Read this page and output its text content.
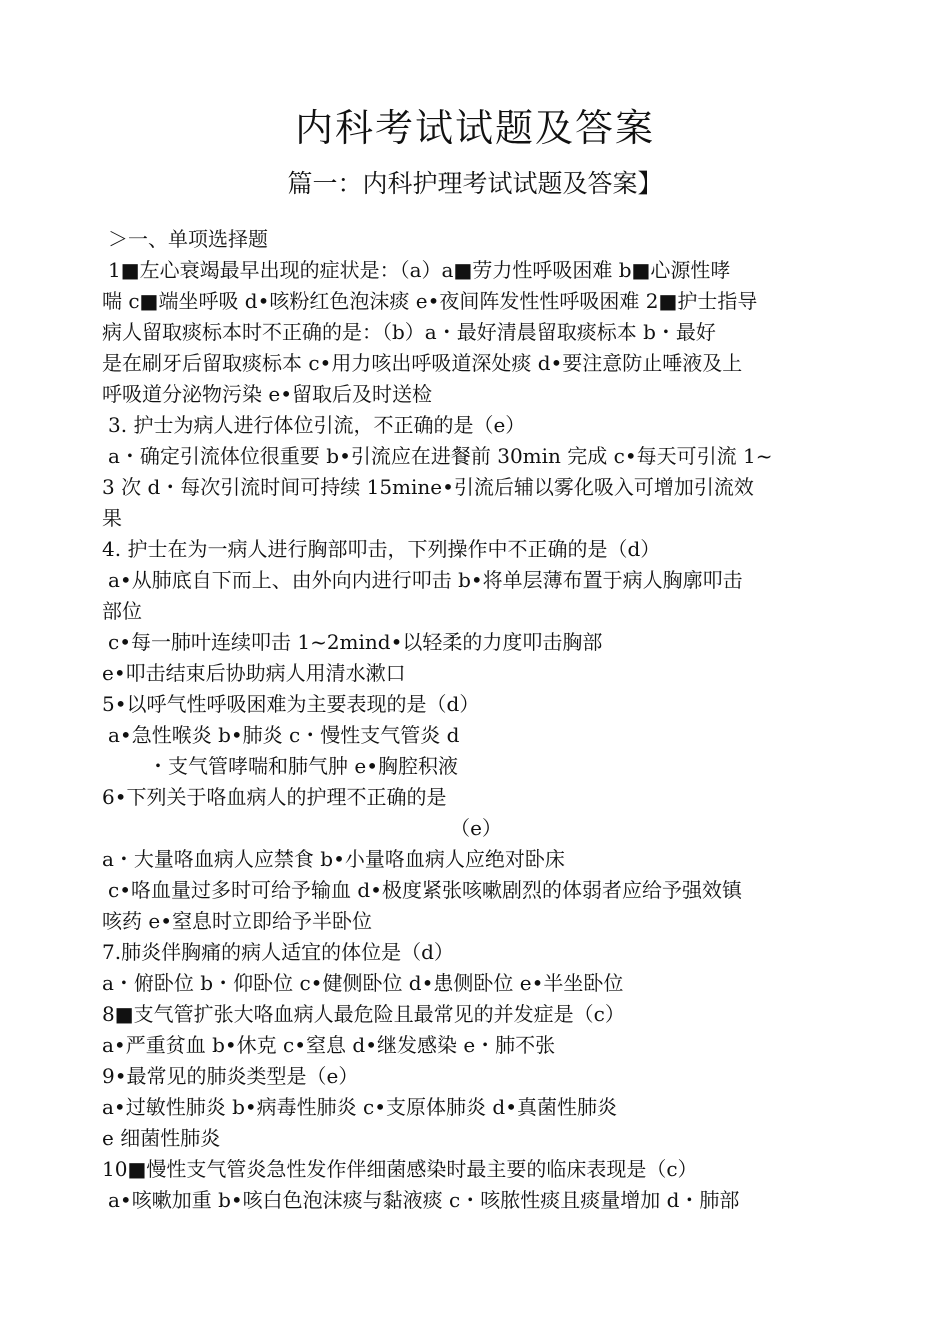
内科考试试题及答案
篇一：内科护理考试试题及答案】

＞一、单项选择题

1■左心衰竭最早出现的症状是：（a）a■劳力性呼吸困难 b■心源性哮

喘 c■端坐呼吸 d•咳粉红色泡沫痰 e•夜间阵发性性呼吸困难 2■护士指导

病人留取痰标本时不正确的是：（b）a・最好清晨留取痰标本 b・最好

是在刷牙后留取痰标本 c•用力咳出呼吸道深处痰 d•要注意防止唾液及上

呼吸道分泌物污染 e•留取后及时送检

3. 护士为病人进行体位引流，不正确的是（e）

a・确定引流体位很重要 b•引流应在进餐前 30min 完成 c•每天可引流 1~

3 次 d・每次引流时间可持续 15mine•引流后辅以雾化吸入可增加引流效

果

4. 护士在为一病人进行胸部叩击，下列操作中不正确的是（d）

a•从肺底自下而上、由外向内进行叩击 b•将单层薄布置于病人胸廓叩击

部位

c•每一肺叶连续叩击 1~2mind•以轻柔的力度叩击胸部

e•叩击结束后协助病人用清水漱口

5•以呼气性呼吸困难为主要表现的是（d）

a•急性喉炎 b•肺炎 c・慢性支气管炎 d

・支气管哮喘和肺气肿 e•胸腔积液

6•下列关于咯血病人的护理不正确的是

（e）

a・大量咯血病人应禁食 b•小量咯血病人应绝对卧床

c•咯血量过多时可给予输血 d•极度紧张咳嗽剧烈的体弱者应给予强效镇

咳药 e•窒息时立即给予半卧位

7.肺炎伴胸痛的病人适宜的体位是（d）

a・俯卧位 b・仰卧位 c•健侧卧位 d•患侧卧位 e•半坐卧位

8■支气管扩张大咯血病人最危险且最常见的并发症是（c）

a•严重贫血 b•休克 c•窒息 d•继发感染 e・肺不张

9•最常见的肺炎类型是（e）

a•过敏性肺炎 b•病毒性肺炎 c•支原体肺炎 d•真菌性肺炎

e 细菌性肺炎

10■慢性支气管炎急性发作伴细菌感染时最主要的临床表现是（c）

a•咳嗽加重 b•咳白色泡沫痰与黏液痰 c・咳脓性痰且痰量增加 d・肺部
